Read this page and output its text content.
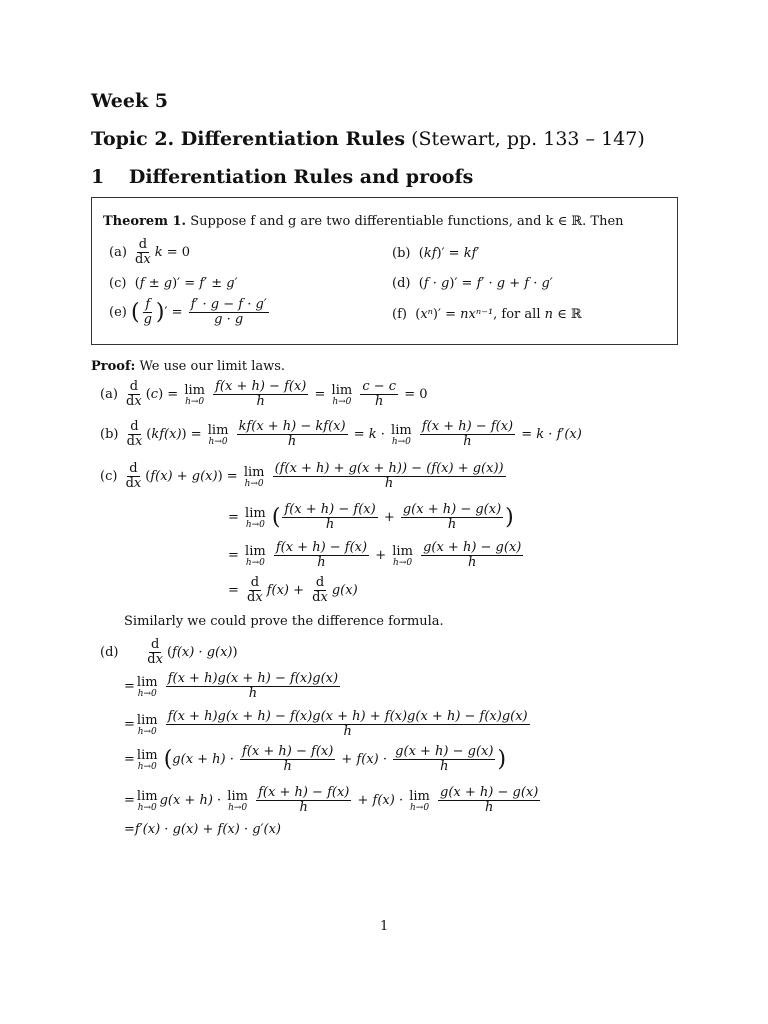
Week 5
Topic 2. Differentiation Rules (Stewart, pp. 133 – 147)
1 Differentiation Rules and proofs
Theorem 1. Suppose f and g are two differentiable functions, and k ∈ ℝ. Then
$(a) \frac{d}{dx}$ k = 0	(b) (kf)′ = kf′
(c) (f ± g)′ = f′ ± g′	(d) (f · g)′ = f′ · g + f · g′
(e) ( $\frac{f}{g}$ )′ = $\frac{f' \cdot g - f \cdot g'}{g \cdot g}$	(f) (xⁿ)′ = nxⁿ⁻¹, for all n ∈ ℝ
Proof: We use our limit laws.
$(a) \frac{d}{dx} (c) = \lim$
h→0
$\frac{f(x + h) - f(x)}{h} = \lim$
h→0
$\frac{c - c}{h} = 0$
$(b) \frac{d}{dx} (kf(x)) = \lim$
h→0
$\frac{kf(x + h) - kf(x)}{h} = k \cdot \lim$
h→0
$\frac{f(x + h) - f(x)}{h} = k \cdot f'(x)$
$(c) \frac{d}{dx} (f(x) + g(x)) = \lim$
h→0
$\frac{(f(x + h) + g(x + h)) - (f(x) + g(x))}{h}$
= lim
h→0 ( $\frac{f(x + h) - f(x)}{h} + \frac{g(x + h) - g(x)}{h}$ )
= lim
h→0
$\frac{f(x + h) - f(x)}{h} + \lim$
h→0
$\frac{g(x + h) - g(x)}{h}$
= $\frac{d}{dx} f(x) + \frac{d}{dx} g(x)$
Similarly we could prove the difference formula.
$(d) \frac{d}{dx} (f(x) \cdot g(x))$
= lim
h→0
$\frac{f(x + h)g(x + h) - f(x)g(x)}{h}$
= lim
h→0
$\frac{f(x + h)g(x + h) - f(x)g(x + h) + f(x)g(x + h) - f(x)g(x)}{h}$
= lim
h→0 ($g(x + h) \cdot \frac{f(x + h) - f(x)}{h} + f(x) \cdot \frac{g(x + h) - g(x)}{h}$ )
= lim
h→0 g(x + h) · lim
h→0
$\frac{f(x + h) - f(x)}{h} + f(x) \cdot \lim$
h→0
$\frac{g(x + h) - g(x)}{h}$
=f′(x) · g(x) + f(x) · g′(x)
1
